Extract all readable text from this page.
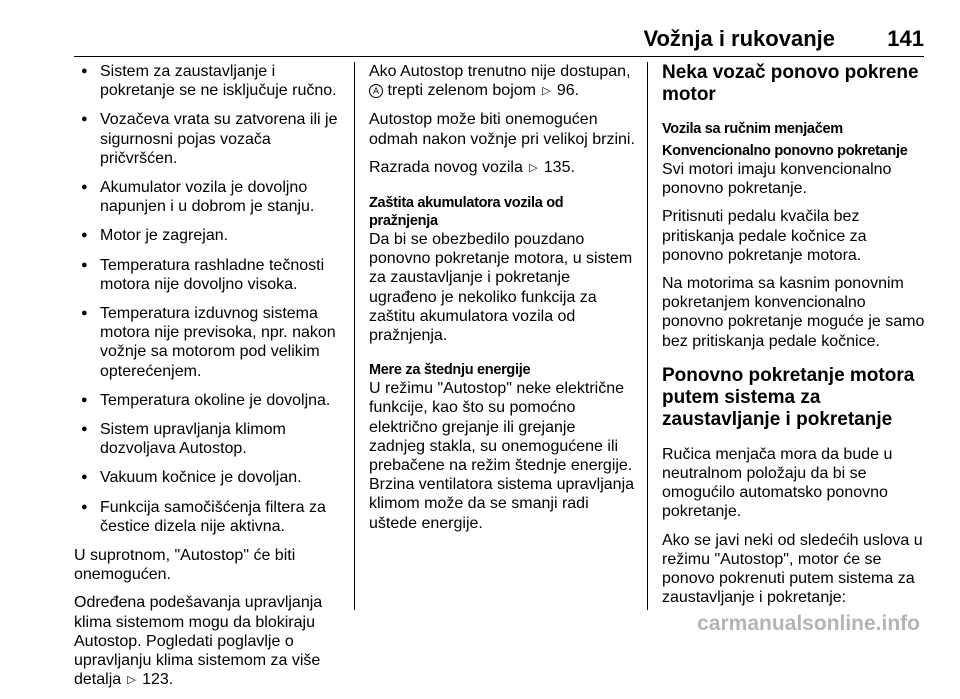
Vožnja i rukovanje 141
● Sistem za zaustavljanje i pokretanje se ne isključuje ručno.
● Vozačeva vrata su zatvorena ili je sigurnosni pojas vozača pričvršćen.
● Akumulator vozila je dovoljno napunjen i u dobrom je stanju.
● Motor je zagrejan.
● Temperatura rashladne tečnosti motora nije dovoljno visoka.
● Temperatura izduvnog sistema motora nije previsoka, npr. nakon vožnje sa motorom pod velikim opterećenjem.
● Temperatura okoline je dovoljna.
● Sistem upravljanja klimom dozvoljava Autostop.
● Vakuum kočnice je dovoljan.
● Funkcija samočišćenja filtera za čestice dizela nije aktivna.

U suprotnom, "Autostop" će biti onemogućen.

Određena podešavanja upravljanja klima sistemom mogu da blokiraju Autostop. Pogledati poglavlje o upravljanju klima sistemom za više detalja ▷ 123.

Ako Autostop trenutno nije dostupan,
A trepti zelenom bojom ▷ 96.

Autostop može biti onemogućen odmah nakon vožnje pri velikoj brzini.

Razrada novog vozila ▷ 135.

Zaštita akumulatora vozila od pražnjenja

Da bi se obezbedilo pouzdano ponovno pokretanje motora, u sistem za zaustavljanje i pokretanje ugrađeno je nekoliko funkcija za zaštitu akumulatora vozila od pražnjenja.

Mere za štednju energije

U režimu "Autostop" neke električne funkcije, kao što su pomoćno električno grejanje ili grejanje zadnjeg stakla, su onemogućene ili prebačene na režim štednje energije. Brzina ventilatora sistema upravljanja klimom može da se smanji radi uštede energije.

Neka vozač ponovo pokrene motor
Vozila sa ručnim menjačem
Konvencionalno ponovno pokretanje

Svi motori imaju konvencionalno ponovno pokretanje.

Pritisnuti pedalu kvačila bez pritiskanja pedale kočnice za ponovno pokretanje motora.

Na motorima sa kasnim ponovnim pokretanjem konvencionalno ponovno pokretanje moguće je samo bez pritiskanja pedale kočnice.

Ponovno pokretanje motora putem sistema za zaustavljanje i pokretanje

Ručica menjača mora da bude u neutralnom položaju da bi se omogućilo automatsko ponovno pokretanje.

Ako se javi neki od sledećih uslova u režimu "Autostop", motor će se ponovo pokrenuti putem sistema za zaustavljanje i pokretanje:

carmanualsonline.info
